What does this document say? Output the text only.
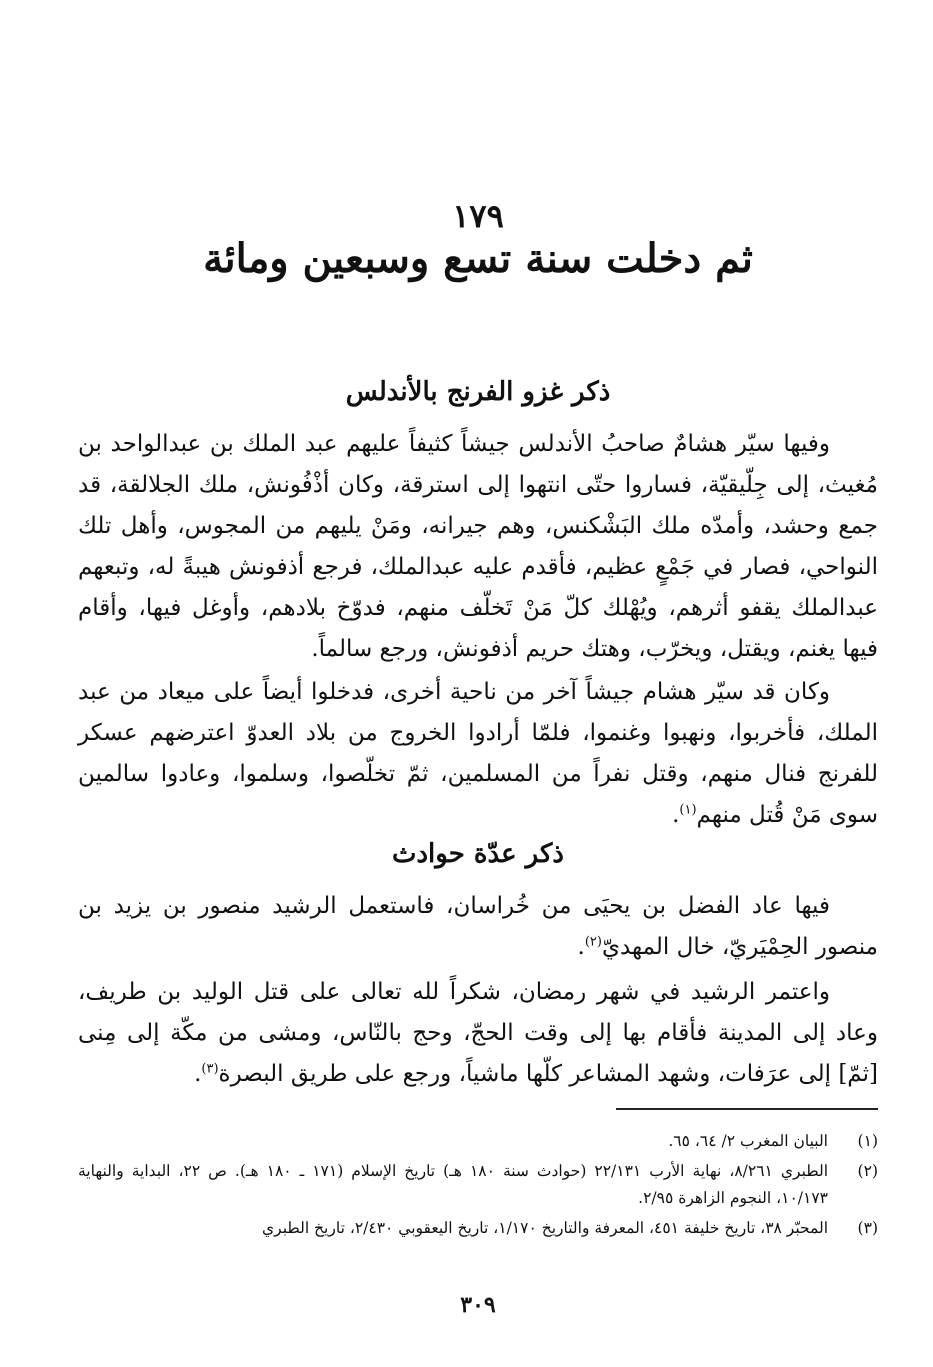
١٧٩
ثم دخلت سنة تسع وسبعين ومائة
ذكر غزو الفرنج بالأندلس

وفيها سيّر هشامٌ صاحبُ الأندلس جيشاً كثيفاً عليهم عبد الملك بن عبدالواحد بن مُغيث، إلى جِلّيقيّة، فساروا حتّى انتهوا إلى استرقة، وكان أذْفُونش، ملك الجلالقة، قد جمع وحشد، وأمدّه ملك البَشْكنس، وهم جيرانه، ومَنْ يليهم من المجوس، وأهل تلك النواحي، فصار في جَمْعٍ عظيم، فأقدم عليه عبدالملك، فرجع أذفونش هيبةً له، وتبعهم عبدالملك يقفو أثرهم، ويُهْلك كلّ مَنْ تَخلّف منهم، فدوّخ بلادهم، وأوغل فيها، وأقام فيها يغنم، ويقتل، ويخرّب، وهتك حريم أذفونش، ورجع سالماً.

وكان قد سيّر هشام جيشاً آخر من ناحية أخرى، فدخلوا أيضاً على ميعاد من عبد الملك، فأخربوا، ونهبوا وغنموا، فلمّا أرادوا الخروج من بلاد العدوّ اعترضهم عسكر للفرنج فنال منهم، وقتل نفراً من المسلمين، ثمّ تخلّصوا، وسلموا، وعادوا سالمين سوى مَنْ قُتل منهم$^{(١)}$.

ذكر عدّة حوادث

فيها عاد الفضل بن يحيَى من خُراسان، فاستعمل الرشيد منصور بن يزيد بن منصور الحِمْيَريّ، خال المهديّ$^{(٢)}$.

واعتمر الرشيد في شهر رمضان، شكراً لله تعالى على قتل الوليد بن طريف، وعاد إلى المدينة فأقام بها إلى وقت الحجّ، وحج بالنّاس، ومشى من مكّة إلى مِنى [ثمّ] إلى عرَفات، وشهد المشاعر كلّها ماشياً، ورجع على طريق البصرة$^{(٣)}$.

(١)
البيان المغرب ٢/ ٦٤، ٦٥.
(٢)
الطبري ٨/٢٦١، نهاية الأرب ٢٢/١٣١ (حوادث سنة ١٨٠ هـ) تاريخ الإسلام (١٧١ ـ ١٨٠ هـ). ص ٢٢، البداية والنهاية ١٠/١٧٣، النجوم الزاهرة ٢/٩٥.
(٣)
المحبّر ٣٨، تاريخ خليفة ٤٥١، المعرفة والتاريخ ١/١٧٠، تاريخ اليعقوبي ٢/٤٣٠، تاريخ الطبري
٣٠٩
